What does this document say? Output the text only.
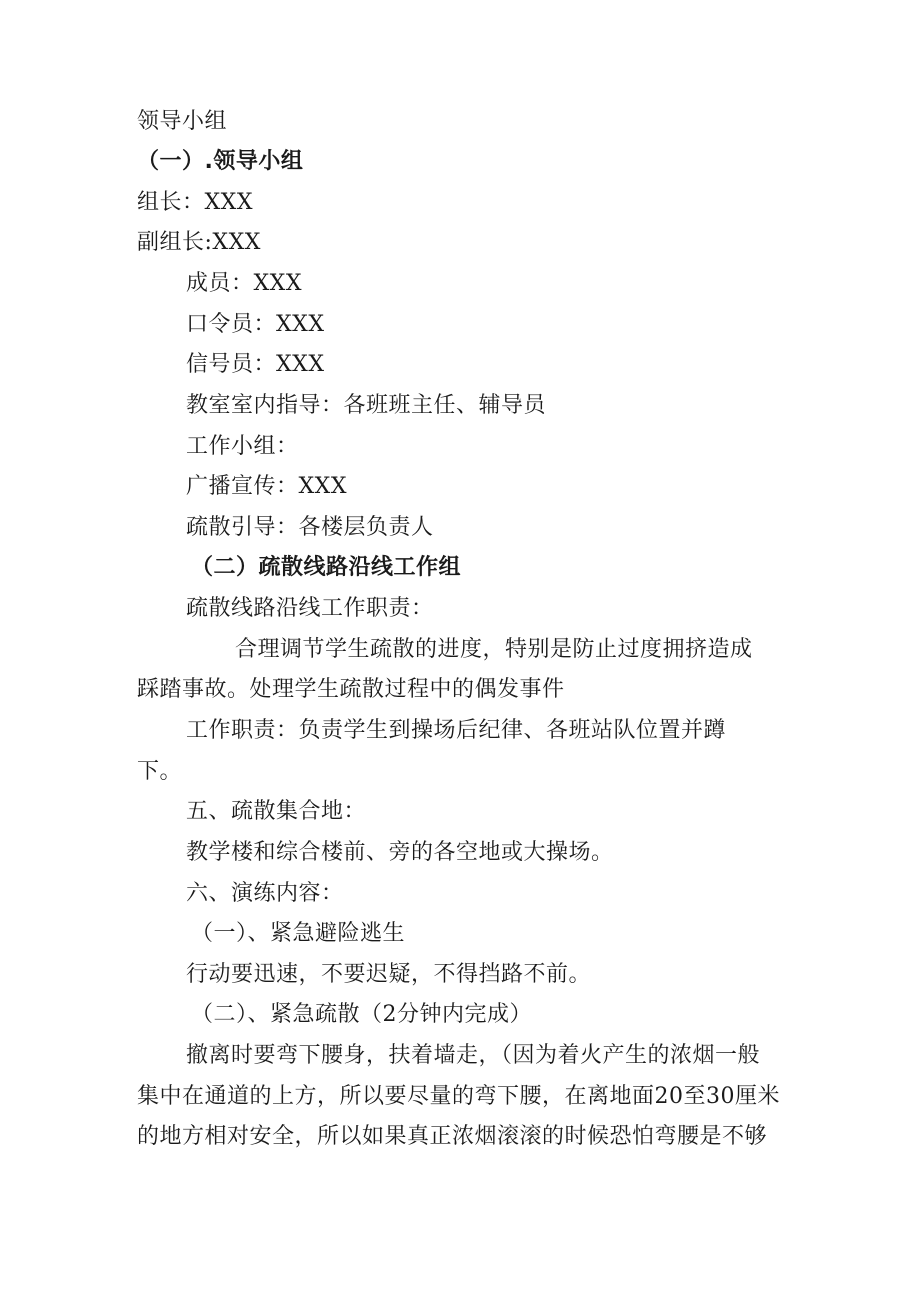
领导小组
（一）.领导小组
组长：XXX
副组长:XXX
成员：XXX
口令员：XXX
信号员：XXX
教室室内指导：各班班主任、辅导员
工作小组：
广播宣传：XXX
疏散引导：各楼层负责人
（二）疏散线路沿线工作组
疏散线路沿线工作职责：
合理调节学生疏散的进度，特别是防止过度拥挤造成
踩踏事故。处理学生疏散过程中的偶发事件
工作职责：负责学生到操场后纪律、各班站队位置并蹲
下。
五、疏散集合地：
教学楼和综合楼前、旁的各空地或大操场。
六、演练内容：
（一）、紧急避险逃生
行动要迅速，不要迟疑，不得挡路不前。
（二）、紧急疏散（2分钟内完成）
撤离时要弯下腰身，扶着墙走，（因为着火产生的浓烟一般
集中在通道的上方，所以要尽量的弯下腰，在离地面20至30厘米
的地方相对安全，所以如果真正浓烟滚滚的时候恐怕弯腰是不够
